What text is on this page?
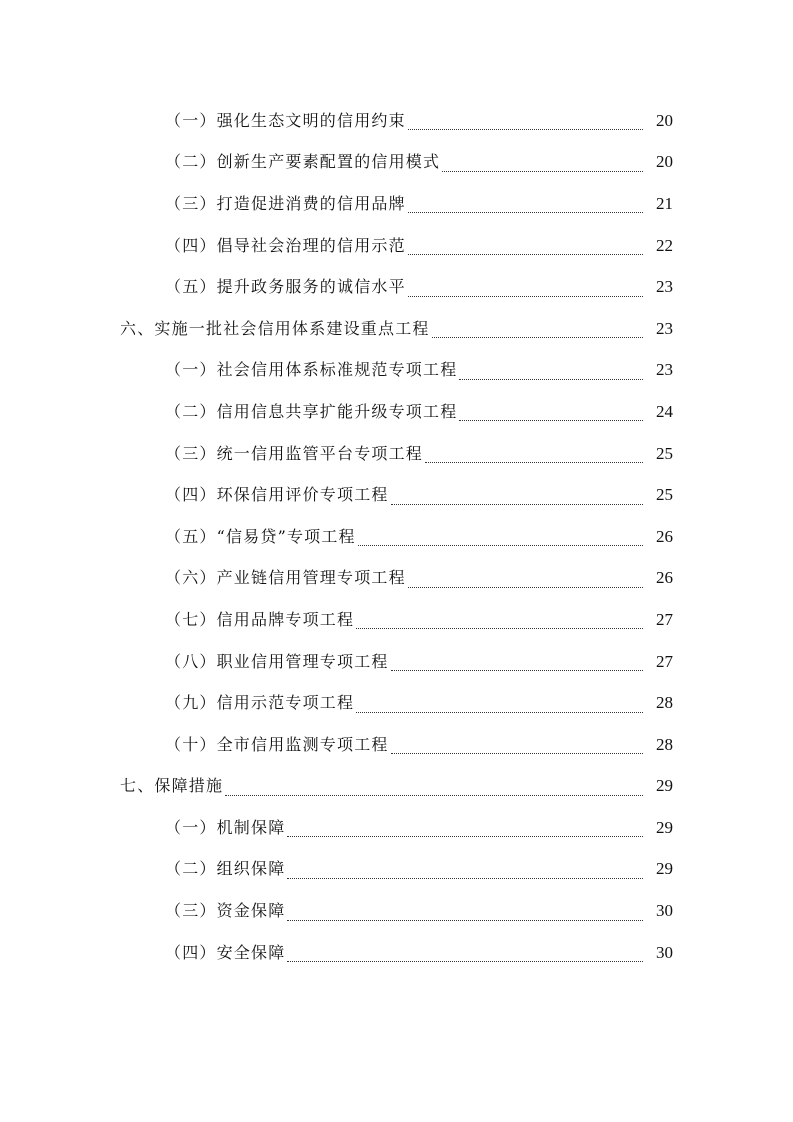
（一）强化生态文明的信用约束	20
（二）创新生产要素配置的信用模式	20
（三）打造促进消费的信用品牌	21
（四）倡导社会治理的信用示范	22
（五）提升政务服务的诚信水平	23
六、实施一批社会信用体系建设重点工程	23
（一）社会信用体系标准规范专项工程	23
（二）信用信息共享扩能升级专项工程	24
（三）统一信用监管平台专项工程	25
（四）环保信用评价专项工程	25
（五）“信易贷”专项工程	26
（六）产业链信用管理专项工程	26
（七）信用品牌专项工程	27
（八）职业信用管理专项工程	27
（九）信用示范专项工程	28
（十）全市信用监测专项工程	28
七、保障措施	29
（一）机制保障	29
（二）组织保障	29
（三）资金保障	30
（四）安全保障	30
